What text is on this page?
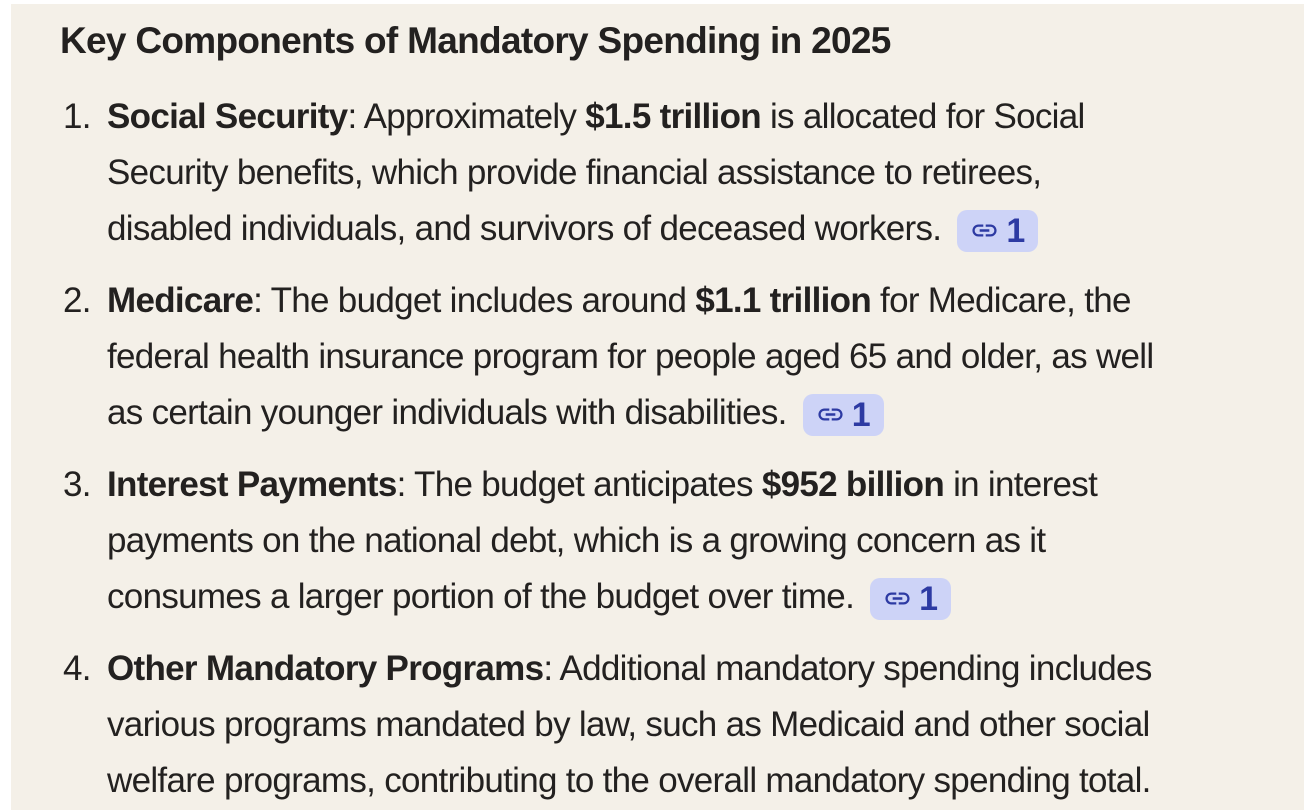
Key Components of Mandatory Spending in 2025
1. Social Security: Approximately $1.5 trillion is allocated for Social
Security benefits, which provide financial assistance to retirees,
disabled individuals, and survivors of deceased workers. 1
2. Medicare: The budget includes around $1.1 trillion for Medicare, the
federal health insurance program for people aged 65 and older, as well
as certain younger individuals with disabilities. 1
3. Interest Payments: The budget anticipates $952 billion in interest
payments on the national debt, which is a growing concern as it
consumes a larger portion of the budget over time. 1
4. Other Mandatory Programs: Additional mandatory spending includes
various programs mandated by law, such as Medicaid and other social
welfare programs, contributing to the overall mandatory spending total.
